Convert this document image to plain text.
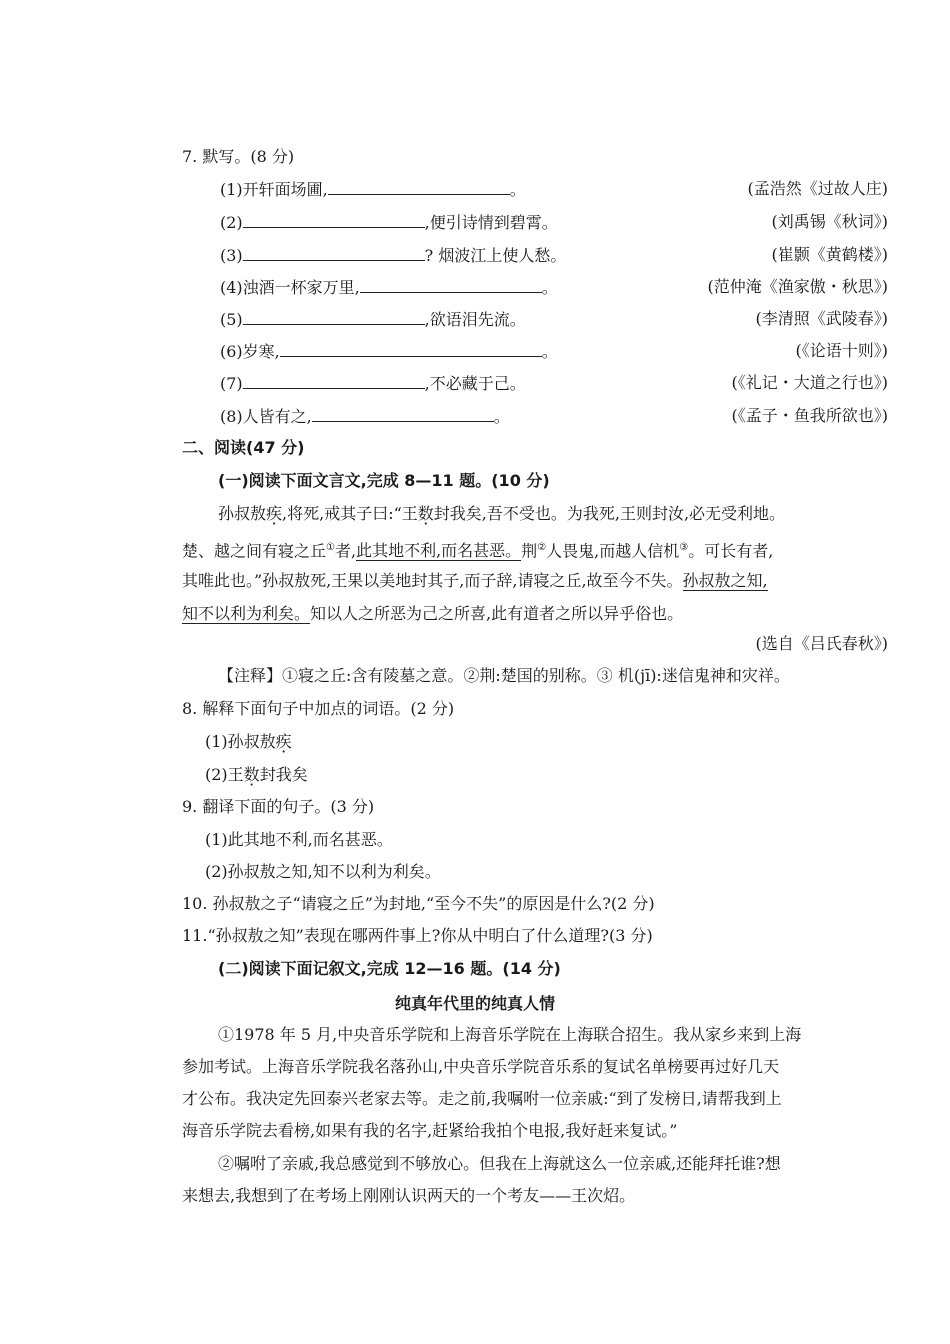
7. 默写。(8 分)
(1)开轩面场圃,	。	(孟浩然《过故人庄)
(2)	,便引诗情到碧霄。	(刘禹锡《秋词》)
(3)	? 烟波江上使人愁。	(崔颢《黄鹤楼》)
(4)浊酒一杯家万里,	。	(范仲淹《渔家傲・秋思》)
(5)	,欲语泪先流。	(李清照《武陵春》)
(6)岁寒,	。	(《论语十则》)
(7)	,不必藏于己。	(《礼记・大道之行也》)
(8)人皆有之,	。	(《孟子・鱼我所欲也》)
二、阅读(47 分)
(一)阅读下面文言文,完成 8—11 题。(10 分)
孙叔敖疾,将死,戒其子曰:“王数封我矣,吾不受也。为我死,王则封汝,必无受利地。
楚、越之间有寝之丘①者,此其地不利,而名甚恶。荆②人畏鬼,而越人信机③。可长有者,
其唯此也。”孙叔敖死,王果以美地封其子,而子辞,请寝之丘,故至今不失。孙叔敖之知,
知不以利为利矣。知以人之所恶为己之所喜,此有道者之所以异乎俗也。
(选自《吕氏春秋》)
【注释】①寝之丘:含有陵墓之意。②荆:楚国的别称。③ 机(jī):迷信鬼神和灾祥。
8. 解释下面句子中加点的词语。(2 分)
(1)孙叔敖疾
(2)王数封我矣
9. 翻译下面的句子。(3 分)
(1)此其地不利,而名甚恶。
(2)孙叔敖之知,知不以利为利矣。
10. 孙叔敖之子“请寝之丘”为封地,“至今不失”的原因是什么?(2 分)
11.“孙叔敖之知”表现在哪两件事上?你从中明白了什么道理?(3 分)
(二)阅读下面记叙文,完成 12—16 题。(14 分)
纯真年代里的纯真人情
①1978 年 5 月,中央音乐学院和上海音乐学院在上海联合招生。我从家乡来到上海
参加考试。上海音乐学院我名落孙山,中央音乐学院音乐系的复试名单榜要再过好几天
才公布。我决定先回泰兴老家去等。走之前,我嘱咐一位亲戚:“到了发榜日,请帮我到上
海音乐学院去看榜,如果有我的名字,赶紧给我拍个电报,我好赶来复试。”
②嘱咐了亲戚,我总感觉到不够放心。但我在上海就这么一位亲戚,还能拜托谁?想
来想去,我想到了在考场上刚刚认识两天的一个考友——王次炤。
